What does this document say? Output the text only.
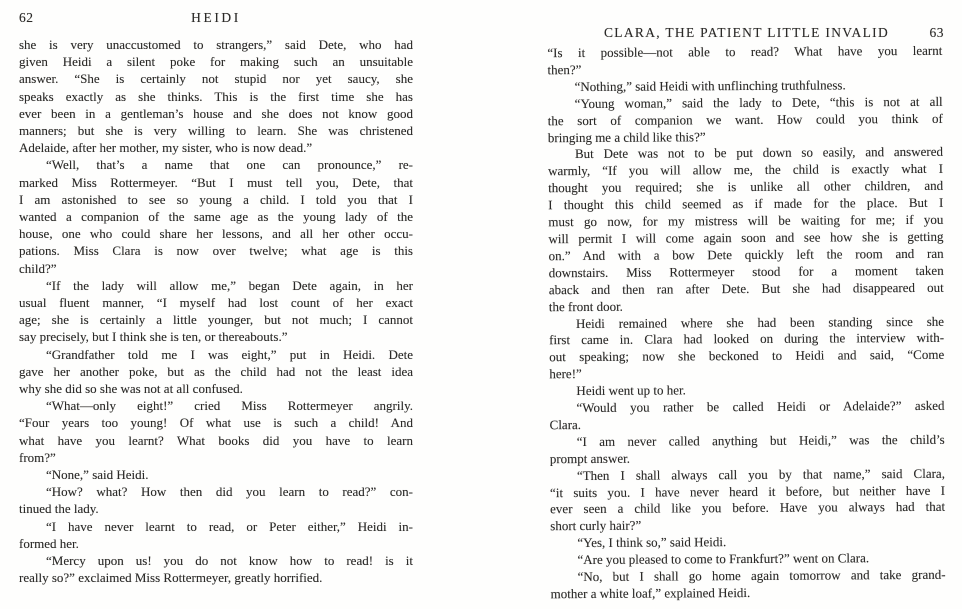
62	HEIDI
she is very unaccustomed to strangers,” said Dete, who had
given Heidi a silent poke for making such an unsuitable
answer. “She is certainly not stupid nor yet saucy, she
speaks exactly as she thinks. This is the first time she has
ever been in a gentleman’s house and she does not know good
manners; but she is very willing to learn. She was christened
Adelaide, after her mother, my sister, who is now dead.”
“Well, that’s a name that one can pronounce,” re-
marked Miss Rottermeyer. “But I must tell you, Dete, that
I am astonished to see so young a child. I told you that I
wanted a companion of the same age as the young lady of the
house, one who could share her lessons, and all her other occu-
pations. Miss Clara is now over twelve; what age is this
child?”
“If the lady will allow me,” began Dete again, in her
usual fluent manner, “I myself had lost count of her exact
age; she is certainly a little younger, but not much; I cannot
say precisely, but I think she is ten, or thereabouts.”
“Grandfather told me I was eight,” put in Heidi. Dete
gave her another poke, but as the child had not the least idea
why she did so she was not at all confused.
“What—only eight!” cried Miss Rottermeyer angrily.
“Four years too young! Of what use is such a child! And
what have you learnt? What books did you have to learn
from?”
“None,” said Heidi.
“How? what? How then did you learn to read?” con-
tinued the lady.
“I have never learnt to read, or Peter either,” Heidi in-
formed her.
“Mercy upon us! you do not know how to read! is it
really so?” exclaimed Miss Rottermeyer, greatly horrified.
CLARA, THE PATIENT LITTLE INVALID	63
“Is it possible—not able to read? What have you learnt
then?”
“Nothing,” said Heidi with unflinching truthfulness.
“Young woman,” said the lady to Dete, “this is not at all
the sort of companion we want. How could you think of
bringing me a child like this?”
But Dete was not to be put down so easily, and answered
warmly, “If you will allow me, the child is exactly what I
thought you required; she is unlike all other children, and
I thought this child seemed as if made for the place. But I
must go now, for my mistress will be waiting for me; if you
will permit I will come again soon and see how she is getting
on.” And with a bow Dete quickly left the room and ran
downstairs. Miss Rottermeyer stood for a moment taken
aback and then ran after Dete. But she had disappeared out
the front door.
Heidi remained where she had been standing since she
first came in. Clara had looked on during the interview with-
out speaking; now she beckoned to Heidi and said, “Come
here!”
Heidi went up to her.
“Would you rather be called Heidi or Adelaide?” asked
Clara.
“I am never called anything but Heidi,” was the child’s
prompt answer.
“Then I shall always call you by that name,” said Clara,
“it suits you. I have never heard it before, but neither have I
ever seen a child like you before. Have you always had that
short curly hair?”
“Yes, I think so,” said Heidi.
“Are you pleased to come to Frankfurt?” went on Clara.
“No, but I shall go home again tomorrow and take grand-
mother a white loaf,” explained Heidi.
